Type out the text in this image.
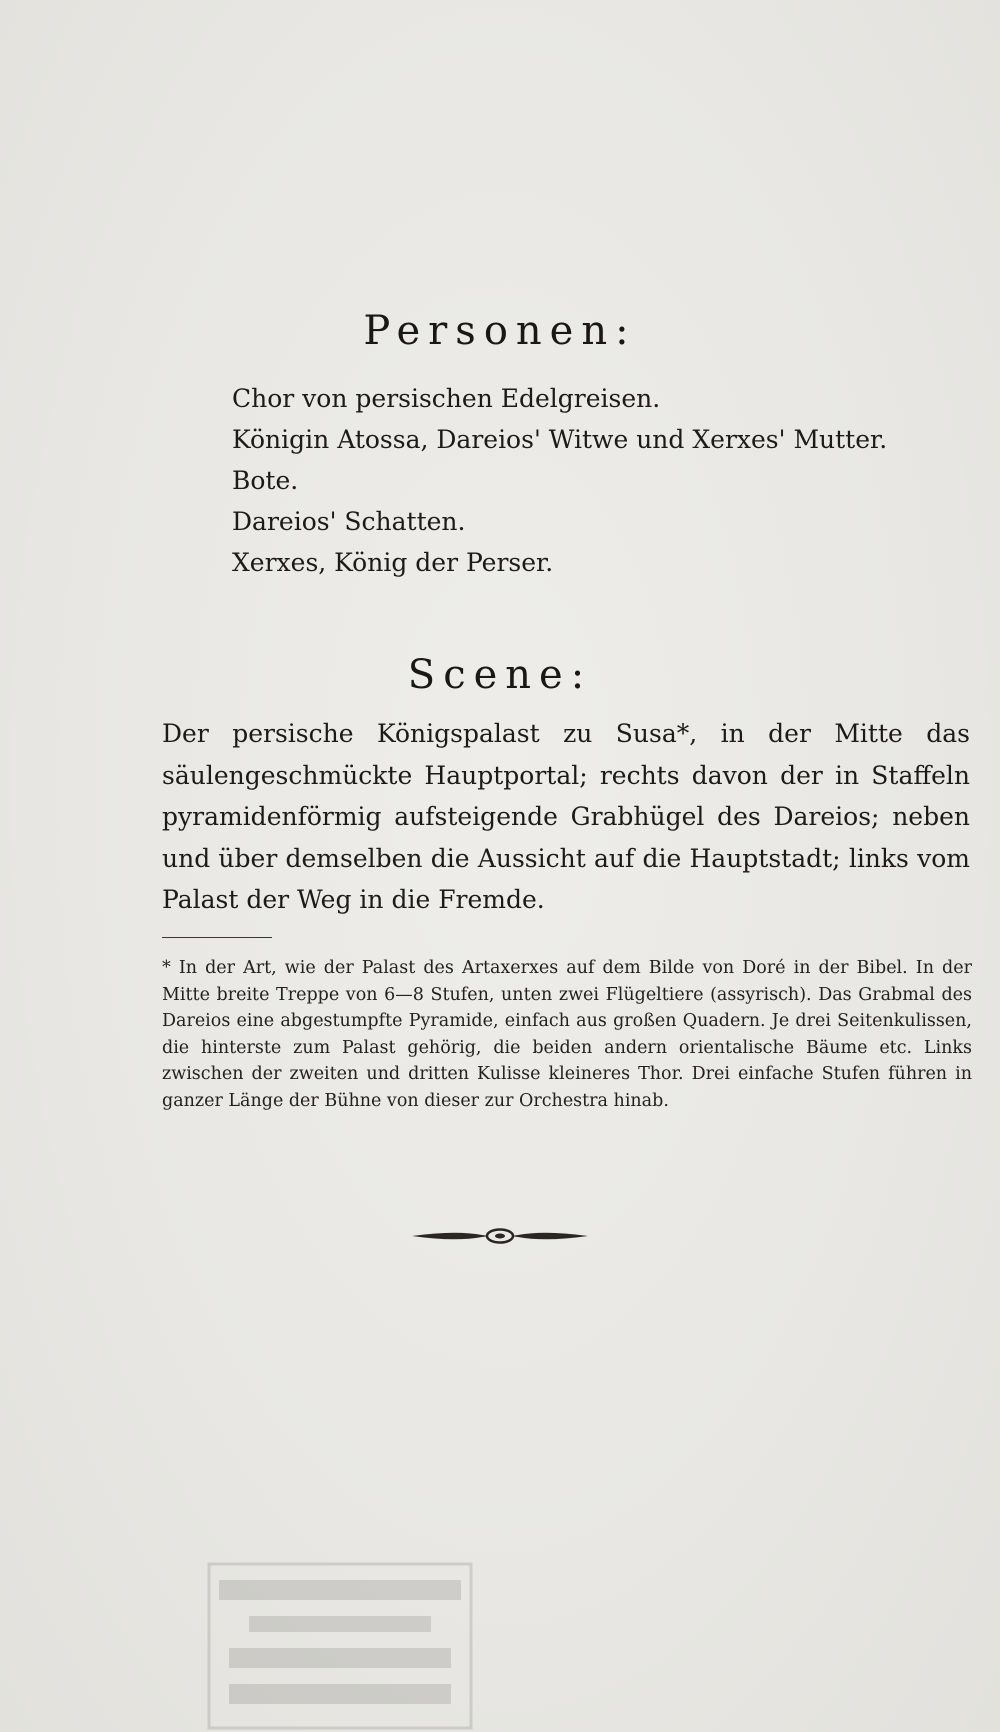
Personen:
Chor von persischen Edelgreisen.
Königin Atossa, Dareios' Witwe und Xerxes' Mutter.
Bote.
Dareios' Schatten.
Xerxes, König der Perser.
Scene:
Der persische Königspalast zu Susa*, in der Mitte das säulengeschmückte Hauptportal; rechts davon der in Staffeln pyramidenförmig aufsteigende Grabhügel des Dareios; neben und über demselben die Aussicht auf die Hauptstadt; links vom Palast der Weg in die Fremde.
* In der Art, wie der Palast des Artaxerxes auf dem Bilde von Doré in der Bibel. In der Mitte breite Treppe von 6—8 Stufen, unten zwei Flügeltiere (assyrisch). Das Grabmal des Dareios eine abgestumpfte Pyramide, einfach aus großen Quadern. Je drei Seitenkulissen, die hinterste zum Palast gehörig, die beiden andern orientalische Bäume etc. Links zwischen der zweiten und dritten Kulisse kleineres Thor. Drei einfache Stufen führen in ganzer Länge der Bühne von dieser zur Orchestra hinab.
